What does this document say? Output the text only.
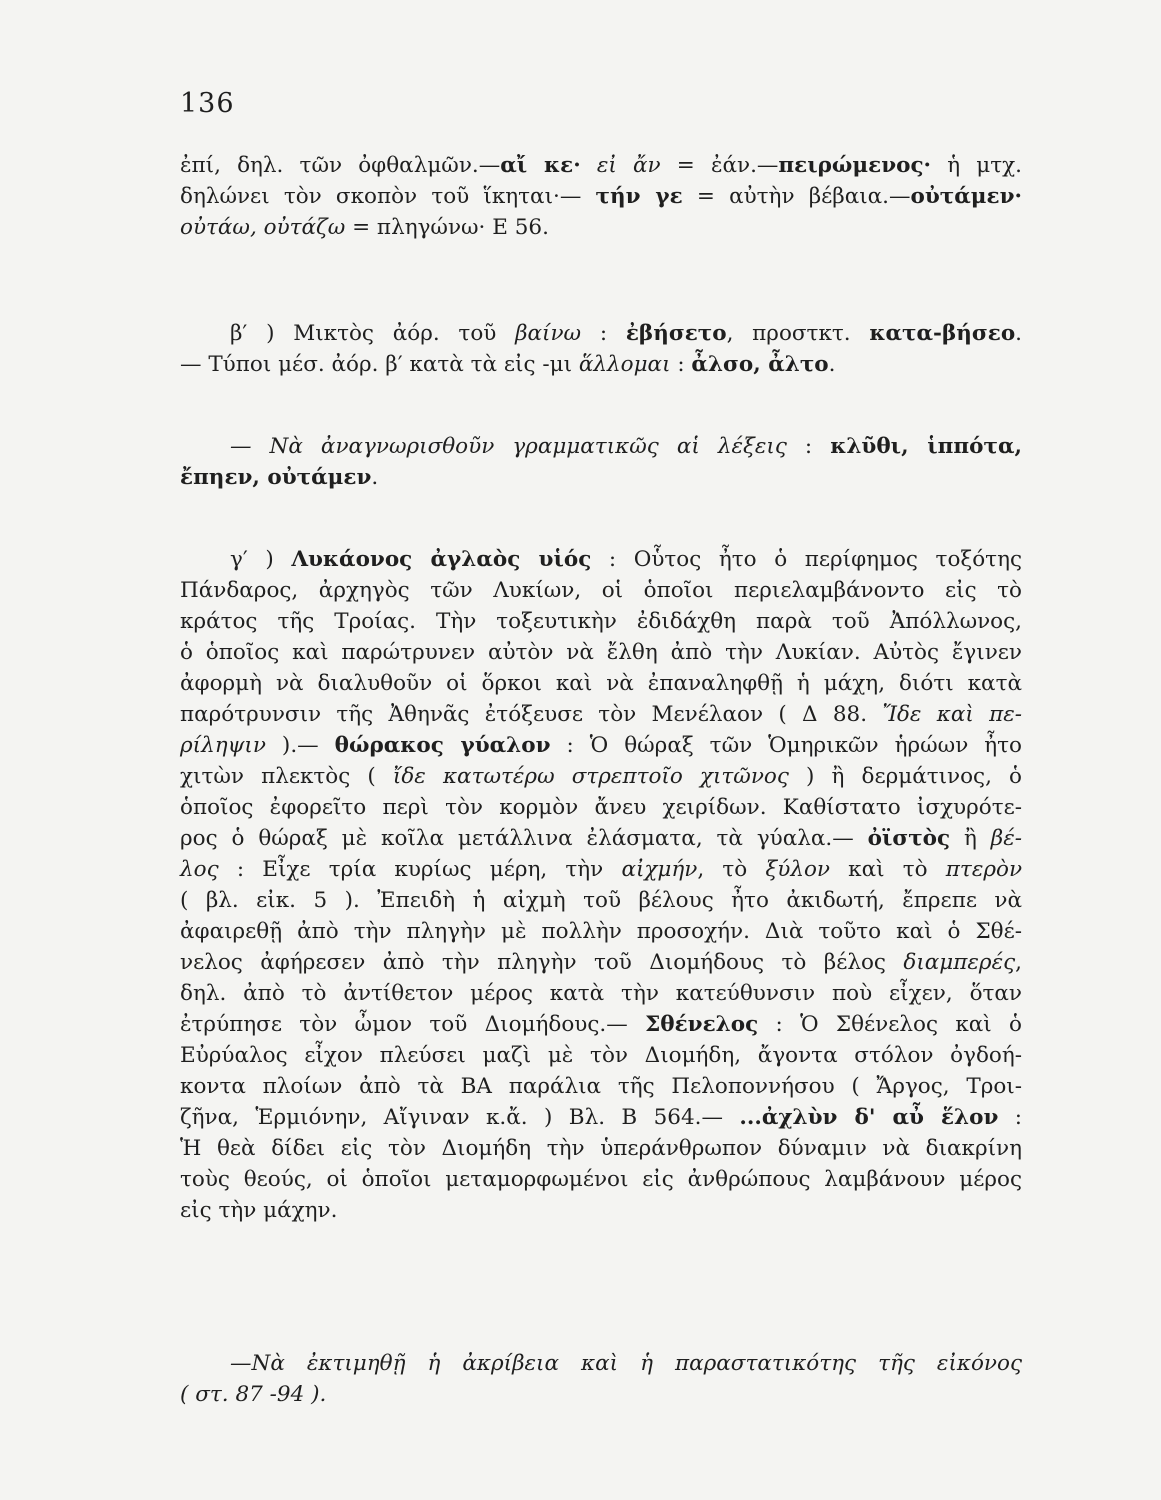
136
ἐπί, δηλ. τῶν ὀφθαλμῶν.—αἴ κε· εἰ ἄν = ἐάν.—πειρώμενος· ἡ μτχ.
δηλώνει τὸν σκοπὸν τοῦ ἵκηται·— τήν γε = αὐτὴν βέβαια.—οὐτάμεν·
οὐτάω, οὐτάζω = πληγώνω· Ε 56.
β′ ) Μικτὸς ἀόρ. τοῦ βαίνω : ἐβήσετο, προστκτ. κατα-βήσεο.
— Τύποι μέσ. ἀόρ. β′ κατὰ τὰ εἰς -μι ἅλλομαι : ἆλσο, ἆλτο.
— Νὰ ἀναγνωρισθοῦν γραμματικῶς αἱ λέξεις : κλῦθι, ἱππότα,
ἔπηεν, οὐτάμεν.
γ′ ) Λυκάονος ἀγλαὸς υἱός : Οὗτος ἦτο ὁ περίφημος τοξότης
Πάνδαρος, ἀρχηγὸς τῶν Λυκίων, οἱ ὁποῖοι περιελαμβάνοντο εἰς τὸ
κράτος τῆς Τροίας. Τὴν τοξευτικὴν ἐδιδάχθη παρὰ τοῦ Ἀπόλλωνος,
ὁ ὁποῖος καὶ παρώτρυνεν αὐτὸν νὰ ἔλθη ἀπὸ τὴν Λυκίαν. Αὐτὸς ἔγινεν
ἀφορμὴ νὰ διαλυθοῦν οἱ ὅρκοι καὶ νὰ ἐπαναληφθῇ ἡ μάχη, διότι κατὰ
παρότρυνσιν τῆς Ἀθηνᾶς ἐτόξευσε τὸν Μενέλαον ( Δ 88. Ἴδε καὶ πε-
ρίληψιν ).— θώρακος γύαλον : Ὁ θώραξ τῶν Ὁμηρικῶν ἡρώων ἦτο
χιτὼν πλεκτὸς ( ἴδε κατωτέρω στρεπτοῖο χιτῶνος ) ἢ δερμάτινος, ὁ
ὁποῖος ἐφορεῖτο περὶ τὸν κορμὸν ἄνευ χειρίδων. Καθίστατο ἰσχυρότε-
ρος ὁ θώραξ μὲ κοῖλα μετάλλινα ἐλάσματα, τὰ γύαλα.— ὀϊστὸς ἢ βέ-
λος : Εἶχε τρία κυρίως μέρη, τὴν αἰχμήν, τὸ ξύλον καὶ τὸ πτερὸν
( βλ. εἰκ. 5 ). Ἐπειδὴ ἡ αἰχμὴ τοῦ βέλους ἦτο ἀκιδωτή, ἔπρεπε νὰ
ἀφαιρεθῇ ἀπὸ τὴν πληγὴν μὲ πολλὴν προσοχήν. Διὰ τοῦτο καὶ ὁ Σθέ-
νελος ἀφήρεσεν ἀπὸ τὴν πληγὴν τοῦ Διομήδους τὸ βέλος διαμπερές,
δηλ. ἀπὸ τὸ ἀντίθετον μέρος κατὰ τὴν κατεύθυνσιν ποὺ εἶχεν, ὅταν
ἐτρύπησε τὸν ὦμον τοῦ Διομήδους.— Σθένελος : Ὁ Σθένελος καὶ ὁ
Εὐρύαλος εἶχον πλεύσει μαζὶ μὲ τὸν Διομήδη, ἄγοντα στόλον ὀγδοή-
κοντα πλοίων ἀπὸ τὰ ΒΑ παράλια τῆς Πελοποννήσου ( Ἄργος, Τροι-
ζῆνα, Ἑρμιόνην, Αἴγιναν κ.ἄ. ) Βλ. Β 564.— ...ἀχλὺν δ' αὖ ἕλον :
Ἡ θεὰ δίδει εἰς τὸν Διομήδη τὴν ὑπεράνθρωπον δύναμιν νὰ διακρίνη
τοὺς θεούς, οἱ ὁποῖοι μεταμορφωμένοι εἰς ἀνθρώπους λαμβάνουν μέρος
εἰς τὴν μάχην.
—Νὰ ἐκτιμηθῇ ἡ ἀκρίβεια καὶ ἡ παραστατικότης τῆς εἰκόνος
( στ. 87 -94 ).
